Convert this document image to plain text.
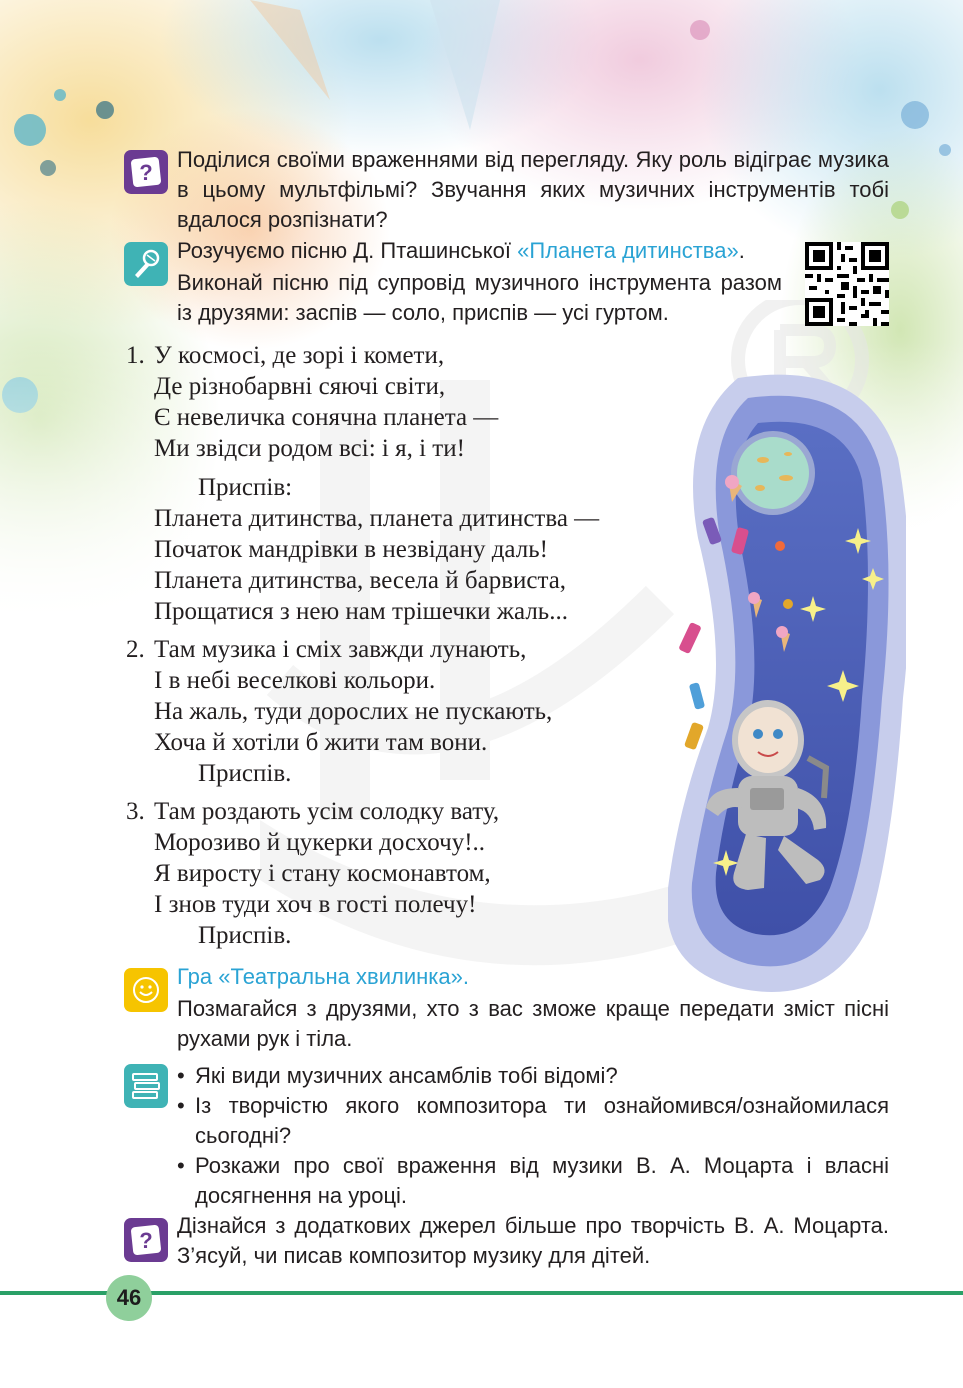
?
Поділися своїми враженнями від перегляду. Яку роль відіграє музика в цьому мультфільмі? Звучання яких музичних інструментів тобі вдалося розпізнати?
Розучуємо пісню Д. Пташинської «Планета дитинства».
Виконай пісню під супровід музичного інструмента разом із друзями: заспів — соло, приспів — усі гуртом.
1. У космосі, де зорі і комети,
Де різнобарвні сяючі світи,
Є невеличка сонячна планета —
Ми звідси родом всі: і я, і ти!
Приспів:
Планета дитинства, планета дитинства —
Початок мандрівки в незвідану даль!
Планета дитинства, весела й барвиста,
Прощатися з нею нам трішечки жаль...
2. Там музика і сміх завжди лунають,
І в небі веселкові кольори.
На жаль, туди дорослих не пускають,
Хоча й хотіли б жити там вони.
Приспів.
3. Там роздають усім солодку вату,
Морозиво й цукерки досхочу!..
Я виросту і стану космонавтом,
І знов туди хоч в гості полечу!
Приспів.
Гра «Театральна хвилинка».
Позмагайся з друзями, хто з вас зможе краще передати зміст пісні рухами рук і тіла.
• Які види музичних ансамблів тобі відомі?
• Із творчістю якого композитора ти ознайомився/ознайомилася сьогодні?
• Розкажи про свої враження від музики В. А. Моцарта і власні досягнення на уроці.
?
Дізнайся з додаткових джерел більше про творчість В. А. Моцарта. З’ясуй, чи писав композитор музику для дітей.
46
